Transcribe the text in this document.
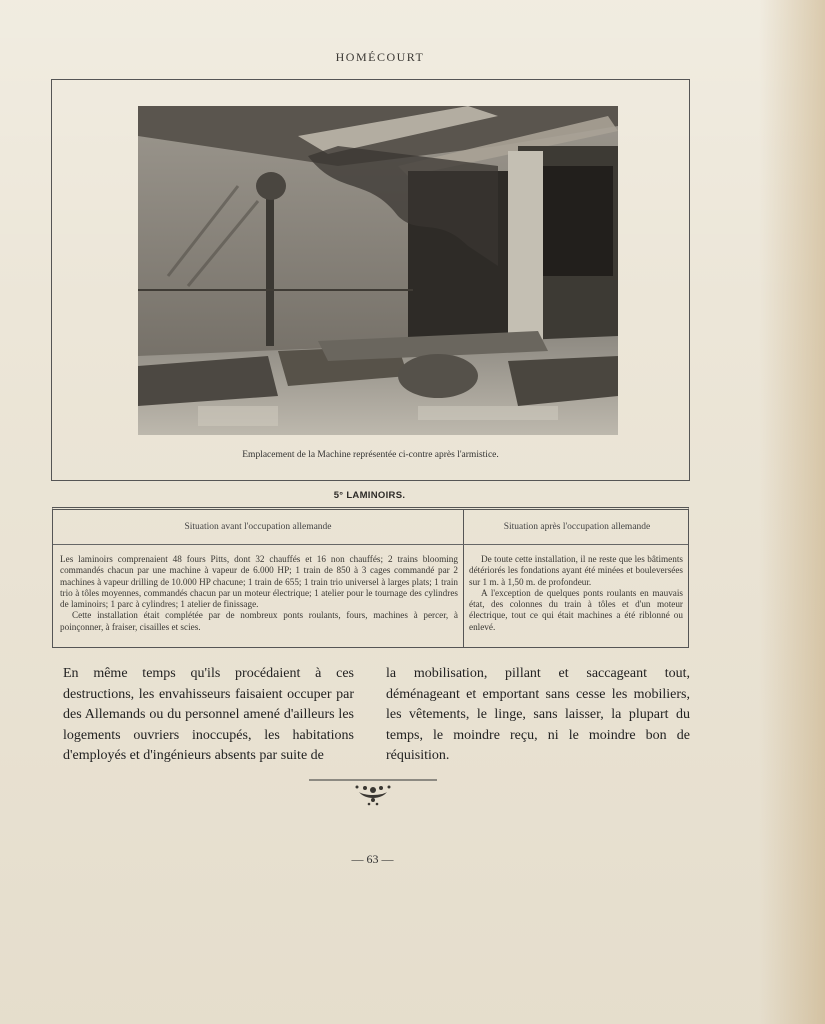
HOMÉCOURT
Emplacement de la Machine représentée ci-contre après l'armistice.
5° LAMINOIRS.
Situation avant l'occupation allemande	Situation après l'occupation allemande

Les laminoirs comprenaient 48 fours Pitts, dont 32 chauffés et 16 non chauffés; 2 trains blooming commandés chacun par une machine à vapeur de 6.000 HP; 1 train de 850 à 3 cages commandé par 2 machines à vapeur drilling de 10.000 HP chacune; 1 train de 655; 1 train trio universel à larges plats; 1 train trio à tôles moyennes, commandés chacun par un moteur électrique; 1 atelier pour le tournage des cylindres de laminoirs; 1 parc à cylindres; 1 atelier de finissage.

Cette installation était complétée par de nombreux ponts roulants, fours, machines à percer, à poinçonner, à fraiser, cisailles et scies.

De toute cette installation, il ne reste que les bâtiments détériorés les fondations ayant été minées et bouleversées sur 1 m. à 1,50 m. de profondeur.

A l'exception de quelques ponts roulants en mauvais état, des colonnes du train à tôles et d'un moteur électrique, tout ce qui était machines a été riblonné ou enlevé.

En même temps qu'ils procédaient à ces destructions, les envahisseurs faisaient occuper par des Allemands ou du personnel amené d'ailleurs les logements ouvriers inoccupés, les habitations d'employés et d'ingénieurs absents par suite de
la mobilisation, pillant et saccageant tout, déménageant et emportant sans cesse les mobiliers, les vêtements, le linge, sans laisser, la plupart du temps, le moindre reçu, ni le moindre bon de réquisition.
— 63 —
